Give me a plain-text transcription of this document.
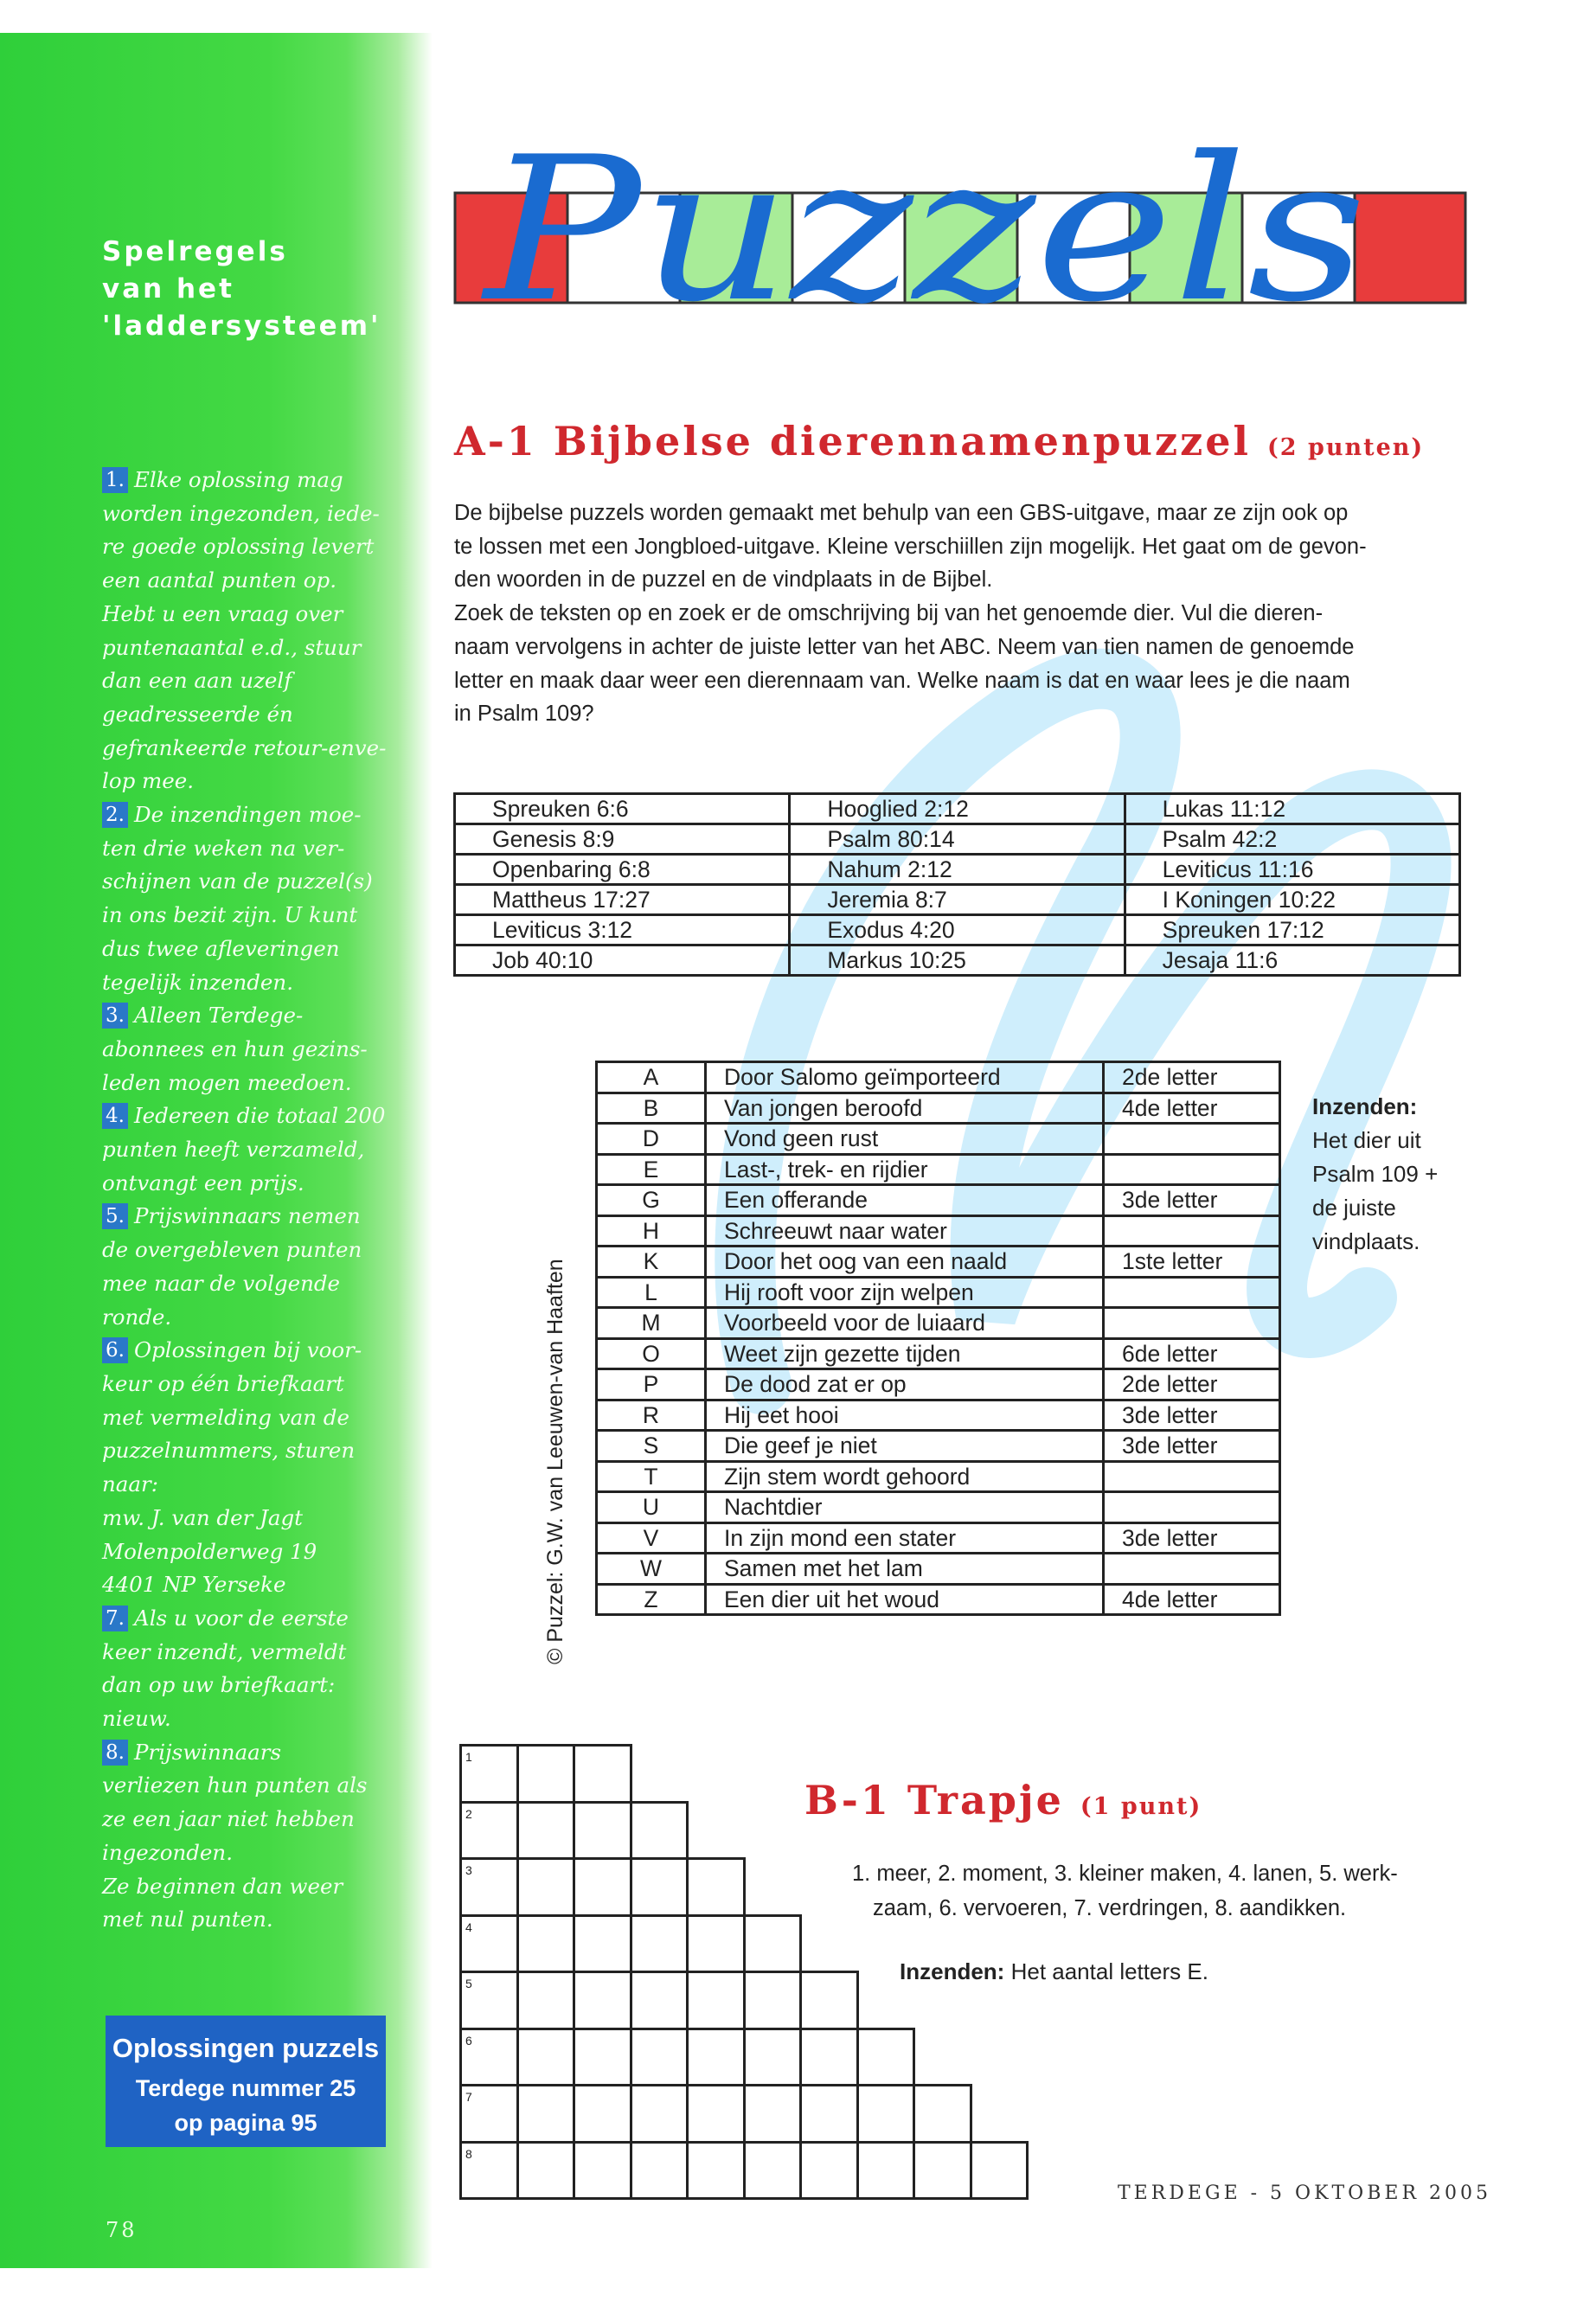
Spelregels
van het
'laddersysteem'
1. Elke oplossing mag
worden ingezonden, iede-
re goede oplossing levert
een aantal punten op.
Hebt u een vraag over
puntenaantal e.d., stuur
dan een aan uzelf
geadresseerde én
gefrankeerde retour-enve-
lop mee.
2. De inzendingen moe-
ten drie weken na ver-
schijnen van de puzzel(s)
in ons bezit zijn. U kunt
dus twee afleveringen
tegelijk inzenden.
3. Alleen Terdege-
abonnees en hun gezins-
leden mogen meedoen.
4. Iedereen die totaal 200
punten heeft verzameld,
ontvangt een prijs.
5. Prijswinnaars nemen
de overgebleven punten
mee naar de volgende
ronde.
6. Oplossingen bij voor-
keur op één briefkaart
met vermelding van de
puzzelnummers, sturen
naar:
mw. J. van der Jagt
Molenpolderweg 19
4401 NP Yerseke
7. Als u voor de eerste
keer inzendt, vermeldt
dan op uw briefkaart:
nieuw.
8. Prijswinnaars
verliezen hun punten als
ze een jaar niet hebben
ingezonden.
Ze beginnen dan weer
met nul punten.
Oplossingen puzzels
Terdege nummer 25
op pagina 95
78
Puzzels
A-1 Bijbelse dierennamenpuzzel (2 punten)
De bijbelse puzzels worden gemaakt met behulp van een GBS-uitgave, maar ze zijn ook op
te lossen met een Jongbloed-uitgave. Kleine verschiillen zijn mogelijk. Het gaat om de gevon-
den woorden in de puzzel en de vindplaats in de Bijbel.
Zoek de teksten op en zoek er de omschrijving bij van het genoemde dier. Vul die dieren-
naam vervolgens in achter de juiste letter van het ABC. Neem van tien namen de genoemde
letter en maak daar weer een dierennaam van. Welke naam is dat en waar lees je die naam
in Psalm 109?
Spreuken 6:6	Hooglied 2:12	Lukas 11:12
Genesis 8:9	Psalm 80:14	Psalm 42:2
Openbaring 6:8	Nahum 2:12	Leviticus 11:16
Mattheus 17:27	Jeremia 8:7	I Koningen 10:22
Leviticus 3:12	Exodus 4:20	Spreuken 17:12
Job 40:10	Markus 10:25	Jesaja 11:6
© Puzzel: G.W. van Leeuwen-van Haaften
A	Door Salomo geïmporteerd	2de letter
B	Van jongen beroofd	4de letter
D	Vond geen rust	
E	Last-, trek- en rijdier	
G	Een offerande	3de letter
H	Schreeuwt naar water	
K	Door het oog van een naald	1ste letter
L	Hij rooft voor zijn welpen	
M	Voorbeeld voor de luiaard	
O	Weet zijn gezette tijden	6de letter
P	De dood zat er op	2de letter
R	Hij eet hooi	3de letter
S	Die geef je niet	3de letter
T	Zijn stem wordt gehoord	
U	Nachtdier	
V	In zijn mond een stater	3de letter
W	Samen met het lam	
Z	Een dier uit het woud	4de letter
Inzenden:
Het dier uit
Psalm 109 +
de juiste
vindplaats.
1
2
3
4
5
6
7
8
B-1 Trapje (1 punt)
1. meer, 2. moment, 3. kleiner maken, 4. lanen, 5. werk-
zaam, 6. vervoeren, 7. verdringen, 8. aandikken.
Inzenden: Het aantal letters E.
TERDEGE - 5 OKTOBER 2005
